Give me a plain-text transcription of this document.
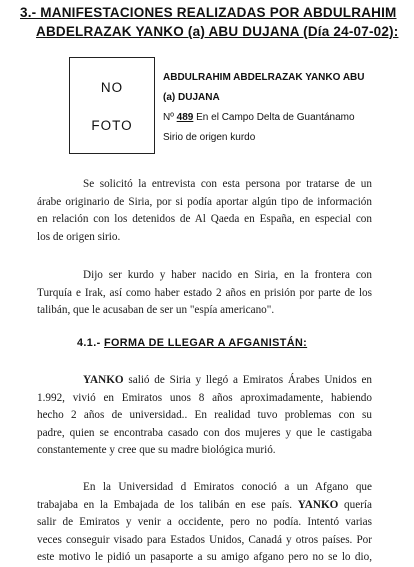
3.- MANIFESTACIONES REALIZADAS POR ABDULRAHIM
ABDELRAZAK YANKO (a) ABU DUJANA (Día 24-07-02):
NO
FOTO
ABDULRAHIM ABDELRAZAK YANKO ABU
(a) DUJANA
Nº 489 En el Campo Delta de Guantánamo
Sirio de origen kurdo

Se solicitó la entrevista con esta persona por tratarse de un

árabe originario de Siria, por si podía aportar algún tipo de información

en relación con los detenidos de Al Qaeda en España, en especial con

los de origen sirio.

Dijo ser kurdo y haber nacido en Siria, en la frontera con

Turquía e Irak, así como haber estado 2 años en prisión por parte de los

talibán, que le acusaban de ser un "espía americano".

4.1.- FORMA DE LLEGAR A AFGANISTÁN:

YANKO salió de Siria y llegó a Emiratos Árabes Unidos en

1.992, vivió en Emiratos unos 8 años aproximadamente, habiendo

hecho 2 años de universidad.. En realidad tuvo problemas con su

padre, quien se encontraba casado con dos mujeres y que le castigaba

constantemente y cree que su madre biológica murió.

En la Universidad d Emiratos conoció a un Afgano que

trabajaba en la Embajada de los talibán en ese país. YANKO quería

salir de Emiratos y venir a occidente, pero no podía. Intentó varias

veces conseguir visado para Estados Unidos, Canadá y otros países. Por

este motivo le pidió un pasaporte a su amigo afgano pero no se lo dio,
